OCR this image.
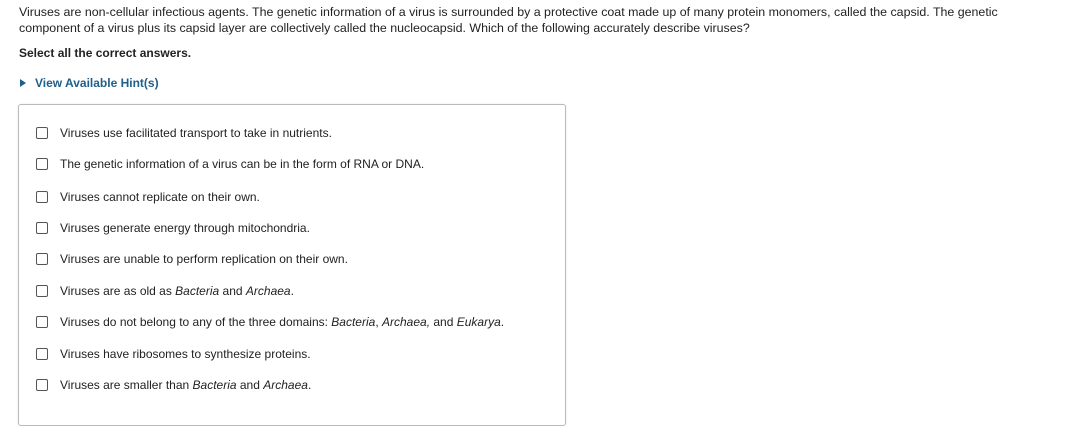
Viruses are non-cellular infectious agents. The genetic information of a virus is surrounded by a protective coat made up of many protein monomers, called the capsid. The genetic component of a virus plus its capsid layer are collectively called the nucleocapsid. Which of the following accurately describe viruses?
Select all the correct answers.
View Available Hint(s)
Viruses use facilitated transport to take in nutrients.
The genetic information of a virus can be in the form of RNA or DNA.
Viruses cannot replicate on their own.
Viruses generate energy through mitochondria.
Viruses are unable to perform replication on their own.
Viruses are as old as Bacteria and Archaea.
Viruses do not belong to any of the three domains: Bacteria, Archaea, and Eukarya.
Viruses have ribosomes to synthesize proteins.
Viruses are smaller than Bacteria and Archaea.
